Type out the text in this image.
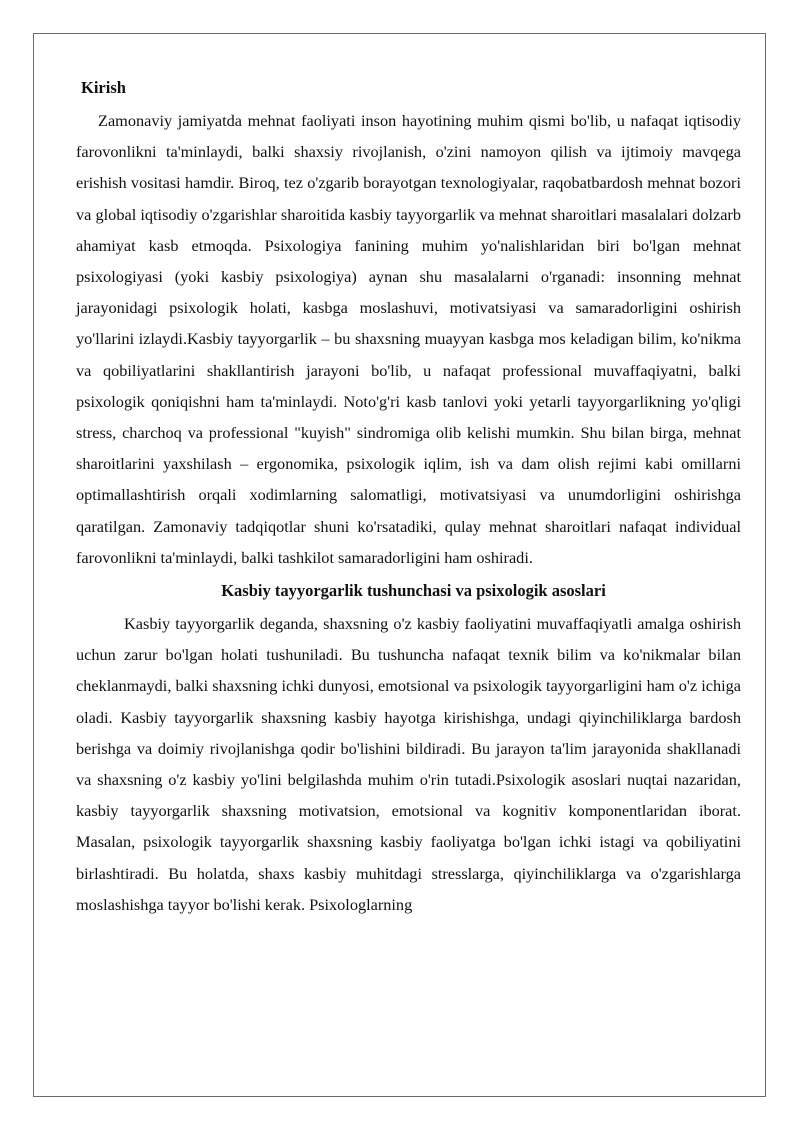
Kirish

Zamonaviy jamiyatda mehnat faoliyati inson hayotining muhim qismi bo'lib, u nafaqat iqtisodiy farovonlikni ta'minlaydi, balki shaxsiy rivojlanish, o'zini namoyon qilish va ijtimoiy mavqega erishish vositasi hamdir. Biroq, tez o'zgarib borayotgan texnologiyalar, raqobatbardosh mehnat bozori va global iqtisodiy o'zgarishlar sharoitida kasbiy tayyorgarlik va mehnat sharoitlari masalalari dolzarb ahamiyat kasb etmoqda. Psixologiya fanining muhim yo'nalishlaridan biri bo'lgan mehnat psixologiyasi (yoki kasbiy psixologiya) aynan shu masalalarni o'rganadi: insonning mehnat jarayonidagi psixologik holati, kasbga moslashuvi, motivatsiyasi va samaradorligini oshirish yo'llarini izlaydi.Kasbiy tayyorgarlik – bu shaxsning muayyan kasbga mos keladigan bilim, ko'nikma va qobiliyatlarini shakllantirish jarayoni bo'lib, u nafaqat professional muvaffaqiyatni, balki psixologik qoniqishni ham ta'minlaydi. Noto'g'ri kasb tanlovi yoki yetarli tayyorgarlikning yo'qligi stress, charchoq va professional "kuyish" sindromiga olib kelishi mumkin. Shu bilan birga, mehnat sharoitlarini yaxshilash – ergonomika, psixologik iqlim, ish va dam olish rejimi kabi omillarni optimallashtirish orqali xodimlarning salomatligi, motivatsiyasi va unumdorligini oshirishga qaratilgan. Zamonaviy tadqiqotlar shuni ko'rsatadiki, qulay mehnat sharoitlari nafaqat individual farovonlikni ta'minlaydi, balki tashkilot samaradorligini ham oshiradi.

Kasbiy tayyorgarlik tushunchasi va psixologik asoslari

Kasbiy tayyorgarlik deganda, shaxsning o'z kasbiy faoliyatini muvaffaqiyatli amalga oshirish uchun zarur bo'lgan holati tushuniladi. Bu tushuncha nafaqat texnik bilim va ko'nikmalar bilan cheklanmaydi, balki shaxsning ichki dunyosi, emotsional va psixologik tayyorgarligini ham o'z ichiga oladi. Kasbiy tayyorgarlik shaxsning kasbiy hayotga kirishishga, undagi qiyinchiliklarga bardosh berishga va doimiy rivojlanishga qodir bo'lishini bildiradi. Bu jarayon ta'lim jarayonida shakllanadi va shaxsning o'z kasbiy yo'lini belgilashda muhim o'rin tutadi.Psixologik asoslari nuqtai nazaridan, kasbiy tayyorgarlik shaxsning motivatsion, emotsional va kognitiv komponentlaridan iborat. Masalan, psixologik tayyorgarlik shaxsning kasbiy faoliyatga bo'lgan ichki istagi va qobiliyatini birlashtiradi. Bu holatda, shaxs kasbiy muhitdagi stresslarga, qiyinchiliklarga va o'zgarishlarga moslashishga tayyor bo'lishi kerak. Psixologlarning
